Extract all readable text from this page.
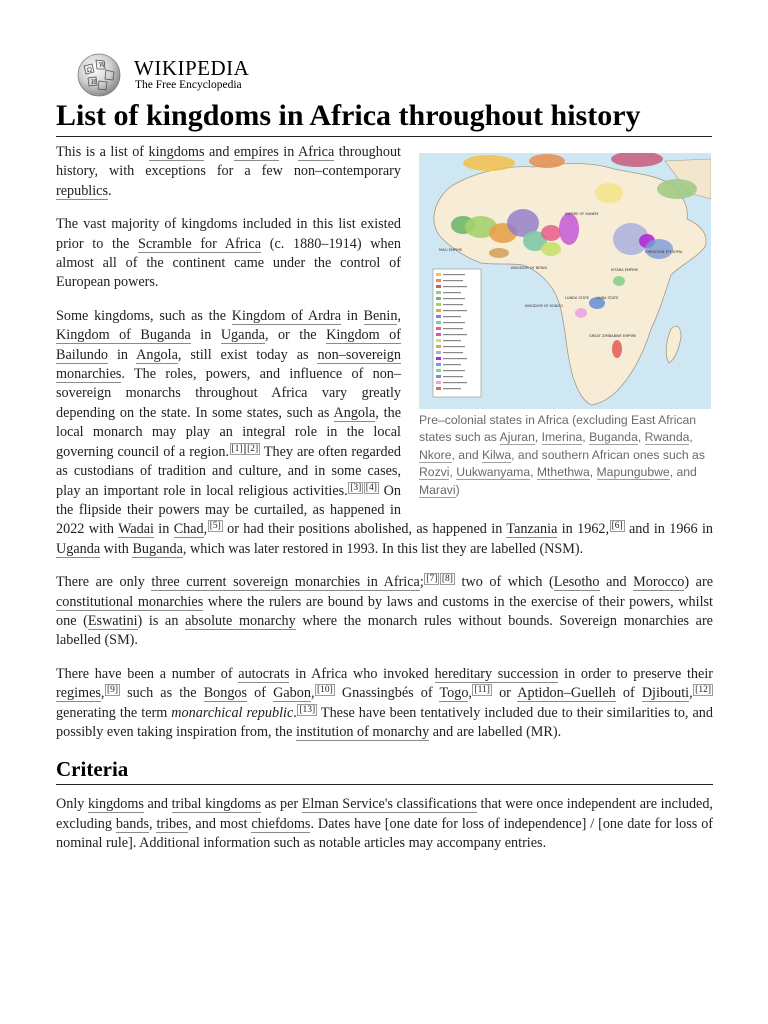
Ω
W
И
WIKIPEDIA
The Free Encyclopedia
List of kingdoms in Africa throughout history
MALI EMPIRE
KINGDOM OF BENIN
EMPIRE OF KANEM
CHRISTIAN ETHIOPIA
KINGDOM OF KONGO
LUNDA STATE LUBA STATE
GREAT ZIMBABWE EMPIRE
KITARA EMPIRE
Pre–colonial states in Africa (excluding East African states such as Ajuran, Imerina, Buganda, Rwanda, Nkore, and Kilwa, and southern African ones such as Rozvi, Uukwanyama, Mthethwa, Mapungubwe, and Maravi)

This is a list of kingdoms and empires in Africa throughout history, with exceptions for a few non–contemporary republics.

The vast majority of kingdoms included in this list existed prior to the Scramble for Africa (c. 1880–1914) when almost all of the continent came under the control of European powers.

Some kingdoms, such as the Kingdom of Ardra in Benin, Kingdom of Buganda in Uganda, or the Kingdom of Bailundo in Angola, still exist today as non–sovereign monarchies. The roles, powers, and influence of non–sovereign monarchs throughout Africa vary greatly depending on the state. In some states, such as Angola, the local monarch may play an integral role in the local governing council of a region. [1] [2] They are often regarded as custodians of tradition and culture, and in some cases, play an important role in local religious activities. [3] [4] On the flipside their powers may be curtailed, as happened in 2022 with Wadai in Chad, [5] or had their positions abolished, as happened in Tanzania in 1962, [6] and in 1966 in Uganda with Buganda, which was later restored in 1993. In this list they are labelled (NSM).

There are only three current sovereign monarchies in Africa; [7] [8] two of which (Lesotho and Morocco) are constitutional monarchies where the rulers are bound by laws and customs in the exercise of their powers, whilst one (Eswatini) is an absolute monarchy where the monarch rules without bounds. Sovereign monarchies are labelled (SM).

There have been a number of autocrats in Africa who invoked hereditary succession in order to preserve their regimes, [9] such as the Bongos of Gabon, [10] Gnassingbés of Togo, [11] or Aptidon–Guelleh of Djibouti, [12] generating the term monarchical republic. [13] These have been tentatively included due to their similarities to, and possibly even taking inspiration from, the institution of monarchy and are labelled (MR).

Criteria

Only kingdoms and tribal kingdoms as per Elman Service's classifications that were once independent are included, excluding bands, tribes, and most chiefdoms. Dates have [one date for loss of independence] / [one date for loss of nominal rule]. Additional information such as notable articles may accompany entries.
